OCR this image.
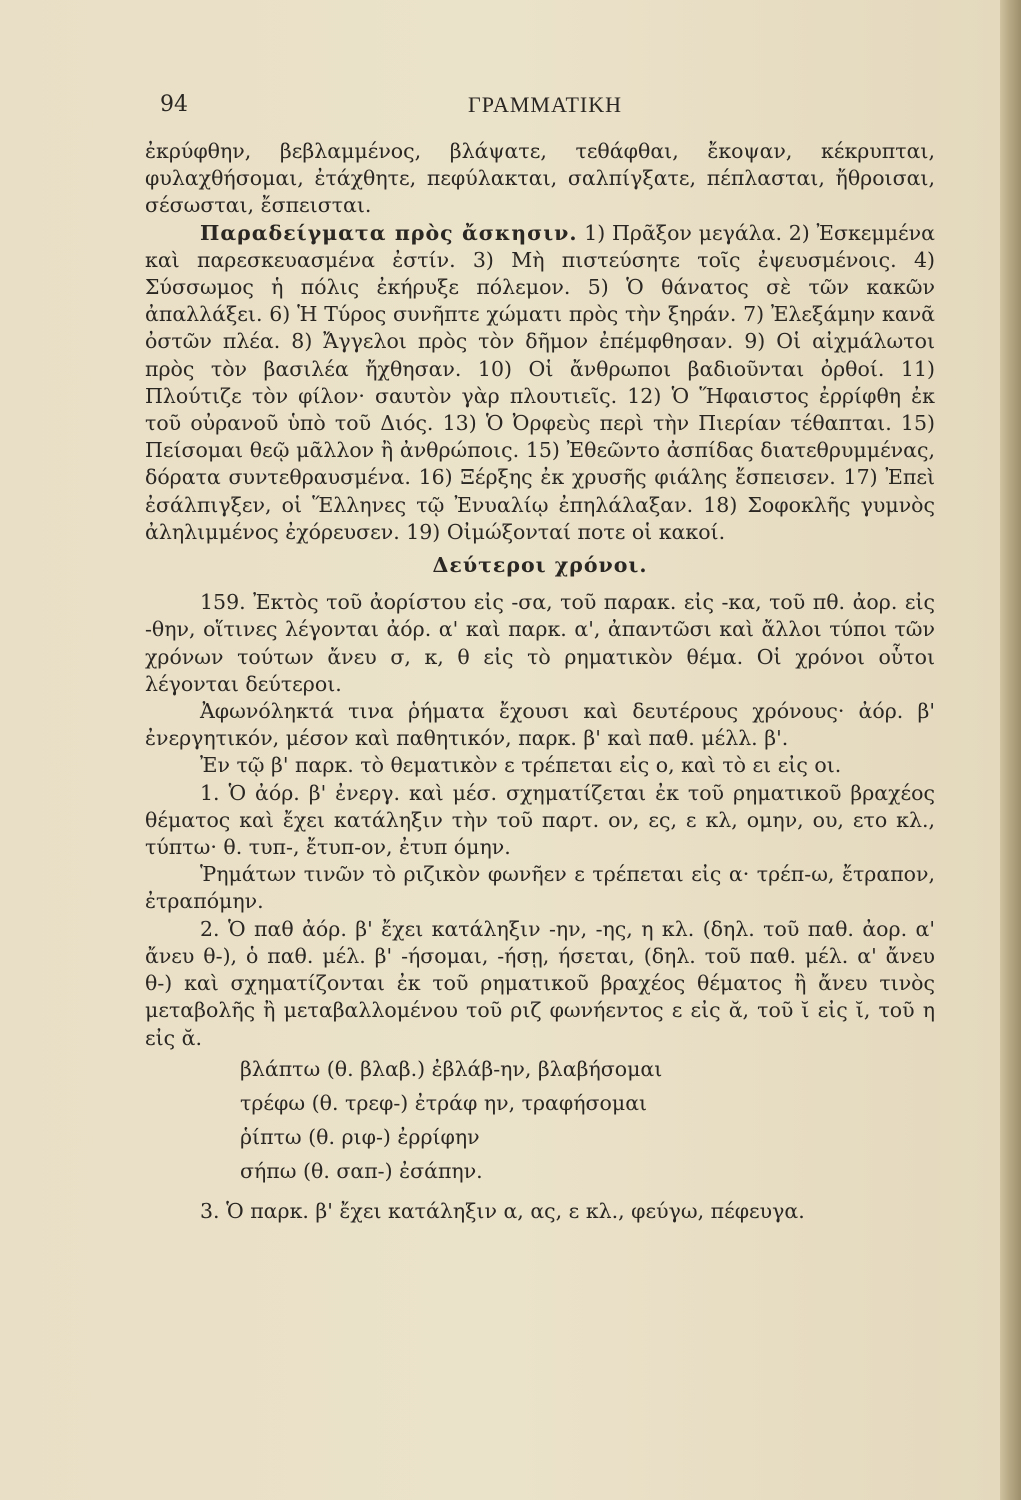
94	ΓΡΑΜΜΑΤΙΚΗ

ἐκρύφθην, βεβλαμμένος, βλάψατε, τεθάφθαι, ἔκοψαν, κέκρυπται, φυλαχθήσομαι, ἐτάχθητε, πεφύλακται, σαλπίγξατε, πέπλασται, ἤθροισαι, σέσωσται, ἔσπεισται.

Παραδείγματα πρὸς ἄσκησιν. 1) Πρᾶξον μεγάλα. 2) Ἐσκεμμένα καὶ παρεσκευασμένα ἐστίν. 3) Μὴ πιστεύσητε τοῖς ἐψευσμένοις. 4) Σύσσωμος ἡ πόλις ἐκήρυξε πόλεμον. 5) Ὁ θάνατος σὲ τῶν κακῶν ἀπαλλάξει. 6) Ἡ Τύρος συνῆπτε χώματι πρὸς τὴν ξηράν. 7) Ἐλεξάμην κανᾶ ὀστῶν πλέα. 8) Ἄγγελοι πρὸς τὸν δῆμον ἐπέμφθησαν. 9) Οἱ αἰχμάλωτοι πρὸς τὸν βασιλέα ἤχθησαν. 10) Οἱ ἄνθρωποι βαδιοῦνται ὀρθοί. 11) Πλούτιζε τὸν φίλον· σαυτὸν γὰρ πλουτιεῖς. 12) Ὁ Ἥφαιστος ἐρρίφθη ἐκ τοῦ οὐρανοῦ ὑπὸ τοῦ Διός. 13) Ὁ Ὀρφεὺς περὶ τὴν Πιερίαν τέθαπται. 15) Πείσομαι θεῷ μᾶλλον ἢ ἀνθρώποις. 15) Ἐθεῶντο ἀσπίδας διατεθρυμμένας, δόρατα συντεθραυσμένα. 16) Ξέρξης ἐκ χρυσῆς φιάλης ἔσπεισεν. 17) Ἐπεὶ ἐσάλπιγξεν, οἱ Ἕλληνες τῷ Ἐνυαλίῳ ἐπηλάλαξαν. 18) Σοφοκλῆς γυμνὸς ἀληλιμμένος ἐχόρευσεν. 19) Οἰμώξονταί ποτε οἱ κακοί.

Δεύτεροι χρόνοι.

159. Ἐκτὸς τοῦ ἀορίστου εἰς -σα, τοῦ παρακ. εἰς -κα, τοῦ πθ. ἀορ. εἰς -θην, οἵτινες λέγονται ἀόρ. α' καὶ παρκ. α', ἀπαντῶσι καὶ ἄλλοι τύποι τῶν χρόνων τούτων ἄνευ σ, κ, θ εἰς τὸ ρηματικὸν θέμα. Οἱ χρόνοι οὗτοι λέγονται δεύτεροι.

Ἀφωνόληκτά τινα ῥήματα ἔχουσι καὶ δευτέρους χρόνους· ἀόρ. β' ἐνεργητικόν, μέσον καὶ παθητικόν, παρκ. β' καὶ παθ. μέλλ. β'.

Ἐν τῷ β' παρκ. τὸ θεματικὸν ε τρέπεται εἰς ο, καὶ τὸ ει εἰς οι.

1. Ὁ ἀόρ. β' ἐνεργ. καὶ μέσ. σχηματίζεται ἐκ τοῦ ρηματικοῦ βραχέος θέματος καὶ ἔχει κατάληξιν τὴν τοῦ παρτ. ον, ες, ε κλ, ομην, ου, ετο κλ., τύπτω· θ. τυπ-, ἔτυπ-ον, ἐτυπ όμην.

Ῥημάτων τινῶν τὸ ριζικὸν φωνῆεν ε τρέπεται εἰς α· τρέπ-ω, ἔτραπον, ἐτραπόμην.

2. Ὁ παθ ἀόρ. β' ἔχει κατάληξιν -ην, -ης, η κλ. (δηλ. τοῦ παθ. ἀορ. α' ἄνευ θ-), ὁ παθ. μέλ. β' -ήσομαι, -ήσῃ, ήσεται, (δηλ. τοῦ παθ. μέλ. α' ἄνευ θ-) καὶ σχηματίζονται ἐκ τοῦ ρηματικοῦ βραχέος θέματος ἢ ἄνευ τινὸς μεταβολῆς ἢ μεταβαλλομένου τοῦ ριζ φωνήεντος ε εἰς ᾰ, τοῦ ῐ εἰς ῐ, τοῦ η εἰς ᾰ.

βλάπτω (θ. βλαβ.) ἐβλάβ-ην, βλαβήσομαι
τρέφω (θ. τρεφ-) ἐτράφ ην, τραφήσομαι
ῥίπτω (θ. ριφ-) ἐρρίφην
σήπω (θ. σαπ-) ἐσάπην.

3. Ὁ παρκ. β' ἔχει κατάληξιν α, ας, ε κλ., φεύγω, πέφευγα.
